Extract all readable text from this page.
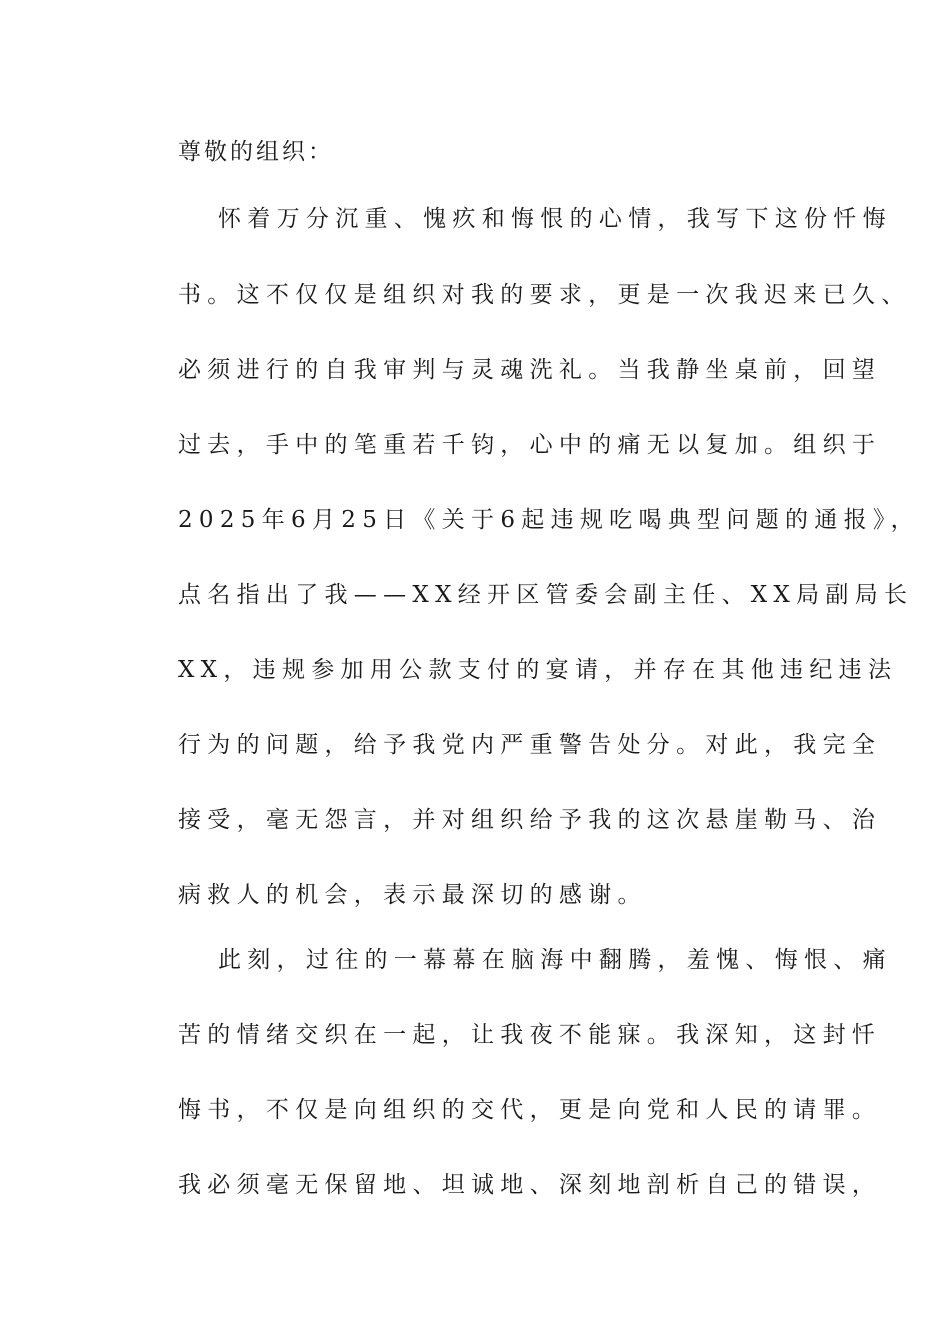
尊敬的组织：
怀着万分沉重、愧疚和悔恨的心情，我写下这份忏悔
书。这不仅仅是组织对我的要求，更是一次我迟来已久、
必须进行的自我审判与灵魂洗礼。当我静坐桌前，回望
过去，手中的笔重若千钧，心中的痛无以复加。组织于
2025年6月25日《关于6起违规吃喝典型问题的通报》，
点名指出了我——XX经开区管委会副主任、XX局副局长
XX，违规参加用公款支付的宴请，并存在其他违纪违法
行为的问题，给予我党内严重警告处分。对此，我完全
接受，毫无怨言，并对组织给予我的这次悬崖勒马、治
病救人的机会，表示最深切的感谢。
此刻，过往的一幕幕在脑海中翻腾，羞愧、悔恨、痛
苦的情绪交织在一起，让我夜不能寐。我深知，这封忏
悔书，不仅是向组织的交代，更是向党和人民的请罪。
我必须毫无保留地、坦诚地、深刻地剖析自己的错误，
